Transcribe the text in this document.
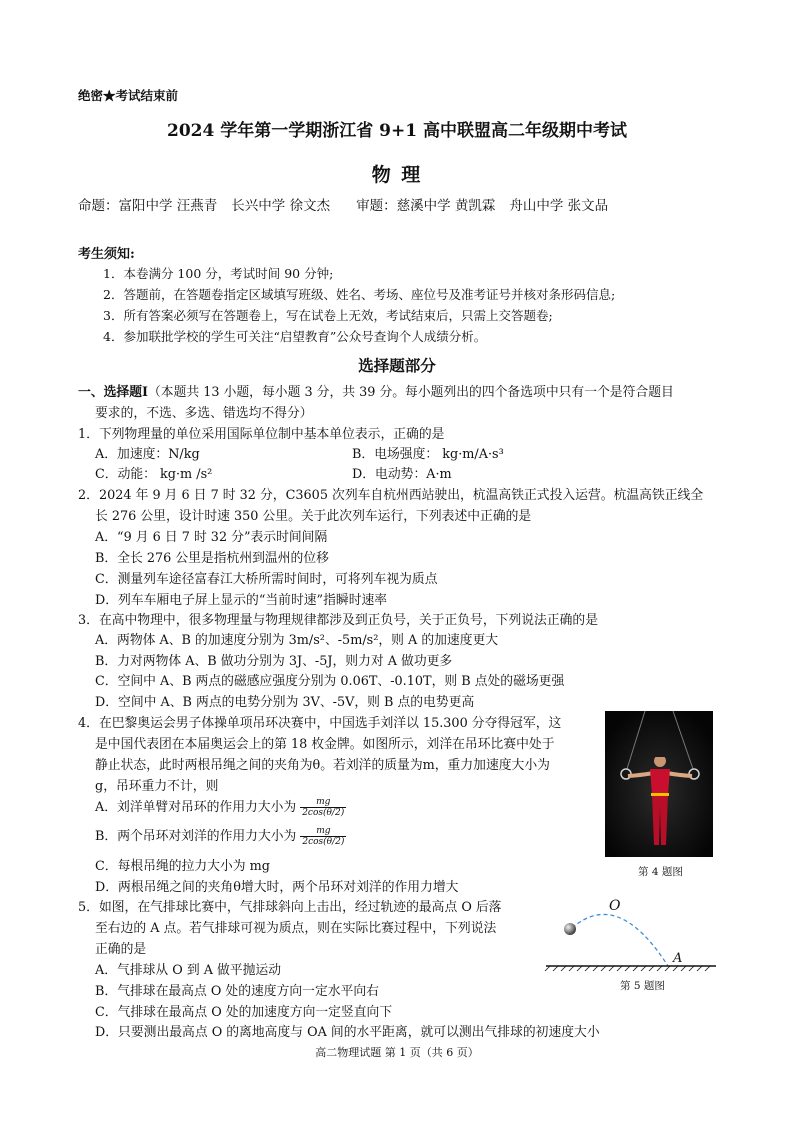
绝密★考试结束前
2024 学年第一学期浙江省 9+1 高中联盟高二年级期中考试
物 理
命题：富阳中学 汪燕青 长兴中学 徐文杰 审题：慈溪中学 黄凯霖 舟山中学 张文品
考生须知:
1．本卷满分 100 分，考试时间 90 分钟;
2．答题前，在答题卷指定区域填写班级、姓名、考场、座位号及准考证号并核对条形码信息;
3．所有答案必须写在答题卷上，写在试卷上无效，考试结束后，只需上交答题卷;
4．参加联批学校的学生可关注“启望教育”公众号查询个人成绩分析。
选择题部分
一、选择题Ⅰ（本题共 13 小题，每小题 3 分，共 39 分。每小题列出的四个备选项中只有一个是符合题目
要求的，不选、多选、错选均不得分）
1．下列物理量的单位采用国际单位制中基本单位表示，正确的是
A．加速度：N/kg	B．电场强度： kg·m/A·s³
C．动能： kg·m /s²	D．电动势：A·m
2．2024 年 9 月 6 日 7 时 32 分，C3605 次列车自杭州西站驶出，杭温高铁正式投入运营。杭温高铁正线全
长 276 公里，设计时速 350 公里。关于此次列车运行，下列表述中正确的是
A．“9 月 6 日 7 时 32 分”表示时间间隔
B．全长 276 公里是指杭州到温州的位移
C．测量列车途径富春江大桥所需时间时，可将列车视为质点
D．列车车厢电子屏上显示的“当前时速”指瞬时速率
3．在高中物理中，很多物理量与物理规律都涉及到正负号，关于正负号，下列说法正确的是
A．两物体 A、B 的加速度分别为 3m/s²、-5m/s²，则 A 的加速度更大
B．力对两物体 A、B 做功分别为 3J、-5J，则力对 A 做功更多
C．空间中 A、B 两点的磁感应强度分别为 0.06T、-0.10T，则 B 点处的磁场更强
D．空间中 A、B 两点的电势分别为 3V、-5V，则 B 点的电势更高
4．在巴黎奥运会男子体操单项吊环决赛中，中国选手刘洋以 15.300 分夺得冠军，这
是中国代表团在本届奥运会上的第 18 枚金牌。如图所示，刘洋在吊环比赛中处于
静止状态，此时两根吊绳之间的夹角为θ。若刘洋的质量为m，重力加速度大小为
g，吊环重力不计，则
A．刘洋单臂对吊环的作用力大小为 $\frac{mg}{2\cos(\theta/2)}$
B．两个吊环对刘洋的作用力大小为 $\frac{mg}{2\cos(\theta/2)}$
C．每根吊绳的拉力大小为 mg
D．两根吊绳之间的夹角θ增大时，两个吊环对刘洋的作用力增大
第 4 题图
5．如图，在气排球比赛中，气排球斜向上击出，经过轨迹的最高点 O 后落
至右边的 A 点。若气排球可视为质点，则在实际比赛过程中，下列说法
正确的是
A．气排球从 O 到 A 做平抛运动
B．气排球在最高点 O 处的速度方向一定水平向右
C．气排球在最高点 O 处的加速度方向一定竖直向下
D．只要测出最高点 O 的离地高度与 OA 间的水平距离，就可以测出气排球的初速度大小
O
A
第 5 题图
高二物理试题 第 1 页（共 6 页）
